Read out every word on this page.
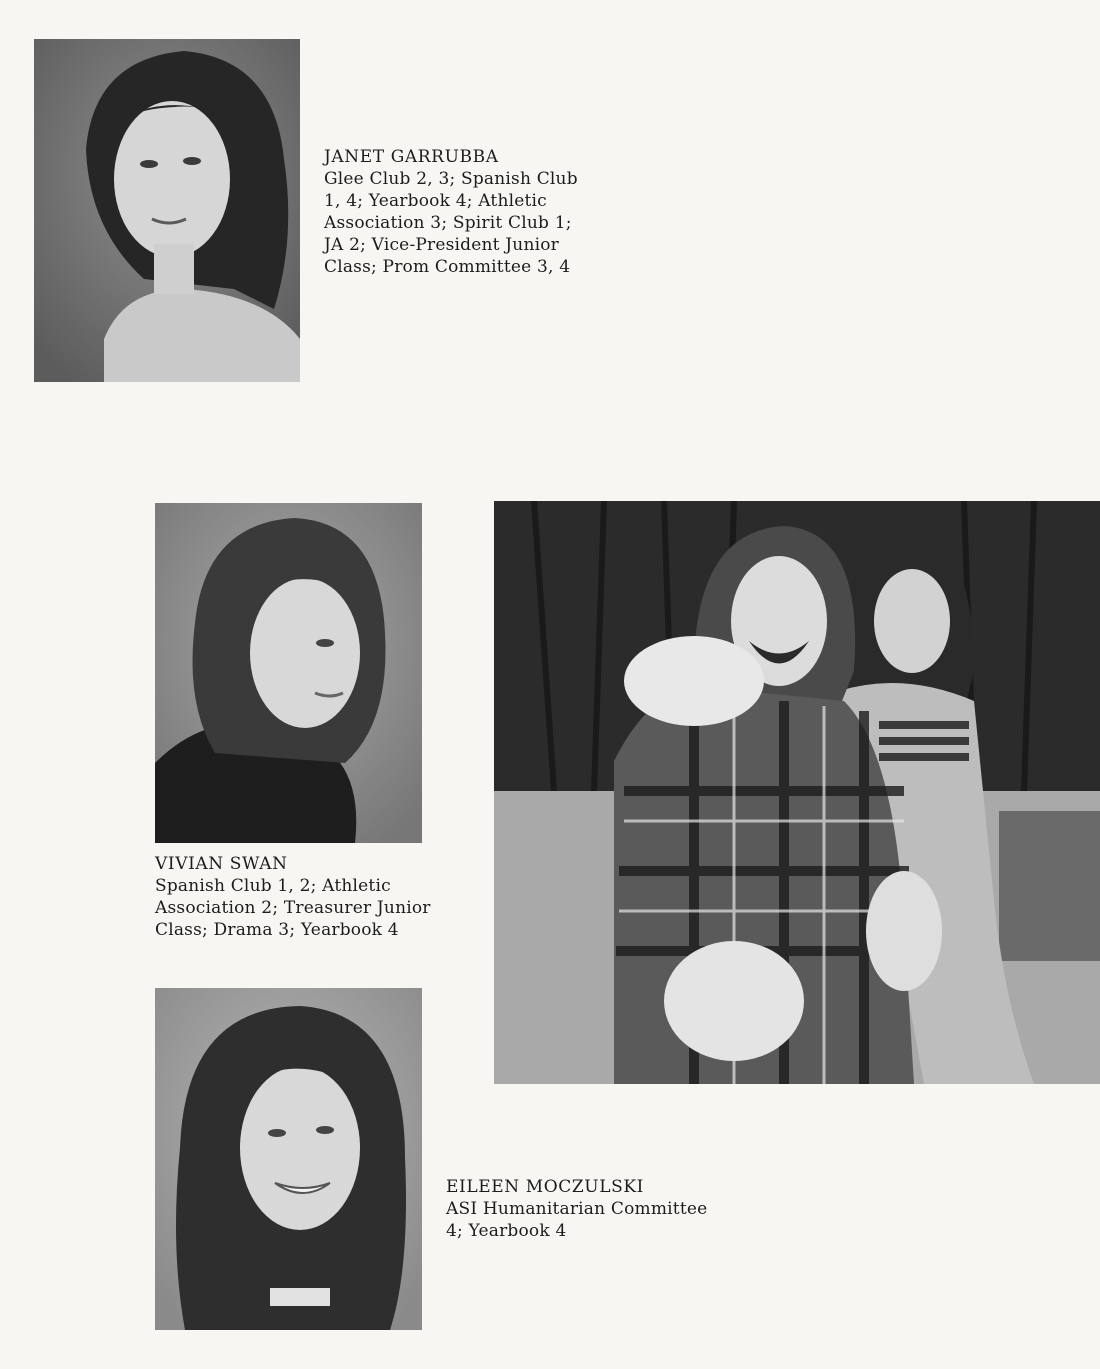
JANET GARRUBBA
Glee Club 2, 3; Spanish Club
1, 4; Yearbook 4; Athletic
Association 3; Spirit Club 1;
JA 2; Vice-President Junior
Class; Prom Committee 3, 4
VIVIAN SWAN
Spanish Club 1, 2; Athletic
Association 2; Treasurer Junior
Class; Drama 3; Yearbook 4
EILEEN MOCZULSKI
ASI Humanitarian Committee
4; Yearbook 4
